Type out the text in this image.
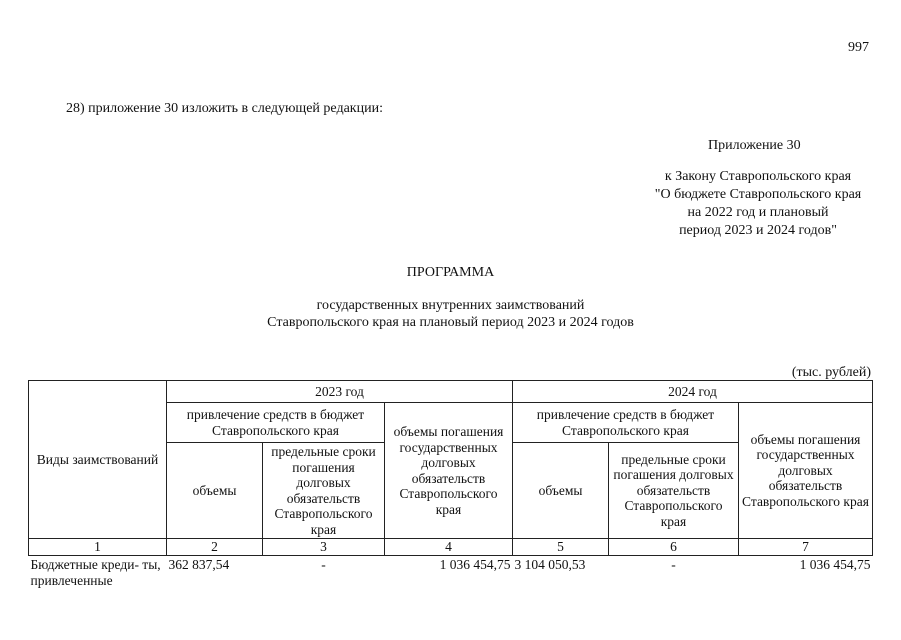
997
28) приложение 30 изложить в следующей редакции:
Приложение 30
к Закону Ставропольского края
"О бюджете Ставропольского края
на 2022 год и плановый
период 2023 и 2024 годов"
ПРОГРАММА
государственных внутренних заимствований
Ставропольского края на плановый период 2023 и 2024 годов
(тыс. рублей)
Виды заимствований	2023 год			2024 год		
	привлечение средств в бюджет Ставропольского края		объемы погашения государственных долговых обязательств Ставропольского края	привлечение средств в бюджет Ставропольского края		объемы погашения государственных долговых обязательств Ставропольского края
	объемы	предельные сроки погашения долговых обязательств Ставропольского края		объемы	предельные сроки погашения долговых обязательств Ставропольского края	
1	2	3	4	5	6	7
Бюджетные креди- ты, привлеченные	362 837,54	-	1 036 454,75	3 104 050,53	-	1 036 454,75
